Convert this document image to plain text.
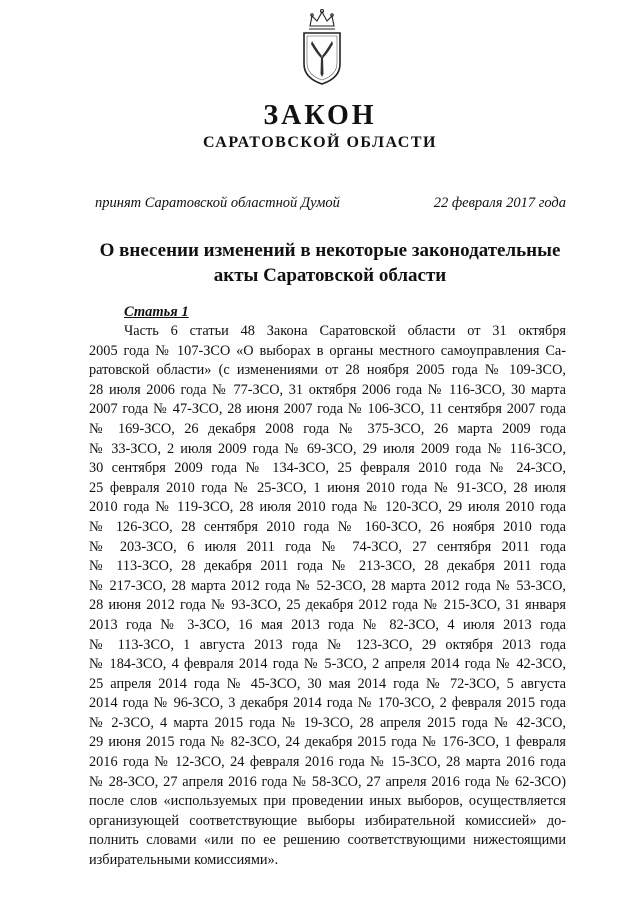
ЗАКОН
САРАТОВСКОЙ ОБЛАСТИ
принят Саратовской областной Думой	22 февраля 2017 года
О внесении изменений в некоторые законодательные
акты Саратовской области
Статья 1
Часть 6 статьи 48 Закона Саратовской области от 31 октября
2005 года № 107-ЗСО «О выборах в органы местного самоуправления Са-
ратовской области» (с изменениями от 28 ноября 2005 года № 109-ЗСО,
28 июля 2006 года № 77-ЗСО, 31 октября 2006 года № 116-ЗСО, 30 марта
2007 года № 47-ЗСО, 28 июня 2007 года № 106-ЗСО, 11 сентября 2007 года
№ 169-ЗСО, 26 декабря 2008 года № 375-ЗСО, 26 марта 2009 года
№ 33-ЗСО, 2 июля 2009 года № 69-ЗСО, 29 июля 2009 года № 116-ЗСО,
30 сентября 2009 года № 134-ЗСО, 25 февраля 2010 года № 24-ЗСО,
25 февраля 2010 года № 25-ЗСО, 1 июня 2010 года № 91-ЗСО, 28 июля
2010 года № 119-ЗСО, 28 июля 2010 года № 120-ЗСО, 29 июля 2010 года
№ 126-ЗСО, 28 сентября 2010 года № 160-ЗСО, 26 ноября 2010 года
№ 203-ЗСО, 6 июля 2011 года № 74-ЗСО, 27 сентября 2011 года
№ 113-ЗСО, 28 декабря 2011 года № 213-ЗСО, 28 декабря 2011 года
№ 217-ЗСО, 28 марта 2012 года № 52-ЗСО, 28 марта 2012 года № 53-ЗСО,
28 июня 2012 года № 93-ЗСО, 25 декабря 2012 года № 215-ЗСО, 31 января
2013 года № 3-ЗСО, 16 мая 2013 года № 82-ЗСО, 4 июля 2013 года
№ 113-ЗСО, 1 августа 2013 года № 123-ЗСО, 29 октября 2013 года
№ 184-ЗСО, 4 февраля 2014 года № 5-ЗСО, 2 апреля 2014 года № 42-ЗСО,
25 апреля 2014 года № 45-ЗСО, 30 мая 2014 года № 72-ЗСО, 5 августа
2014 года № 96-ЗСО, 3 декабря 2014 года № 170-ЗСО, 2 февраля 2015 года
№ 2-ЗСО, 4 марта 2015 года № 19-ЗСО, 28 апреля 2015 года № 42-ЗСО,
29 июня 2015 года № 82-ЗСО, 24 декабря 2015 года № 176-ЗСО, 1 февраля
2016 года № 12-ЗСО, 24 февраля 2016 года № 15-ЗСО, 28 марта 2016 года
№ 28-ЗСО, 27 апреля 2016 года № 58-ЗСО, 27 апреля 2016 года № 62-ЗСО)
после слов «используемых при проведении иных выборов, осуществляется
организующей соответствующие выборы избирательной комиссией» до-
полнить словами «или по ее решению соответствующими нижестоящими
избирательными комиссиями».
